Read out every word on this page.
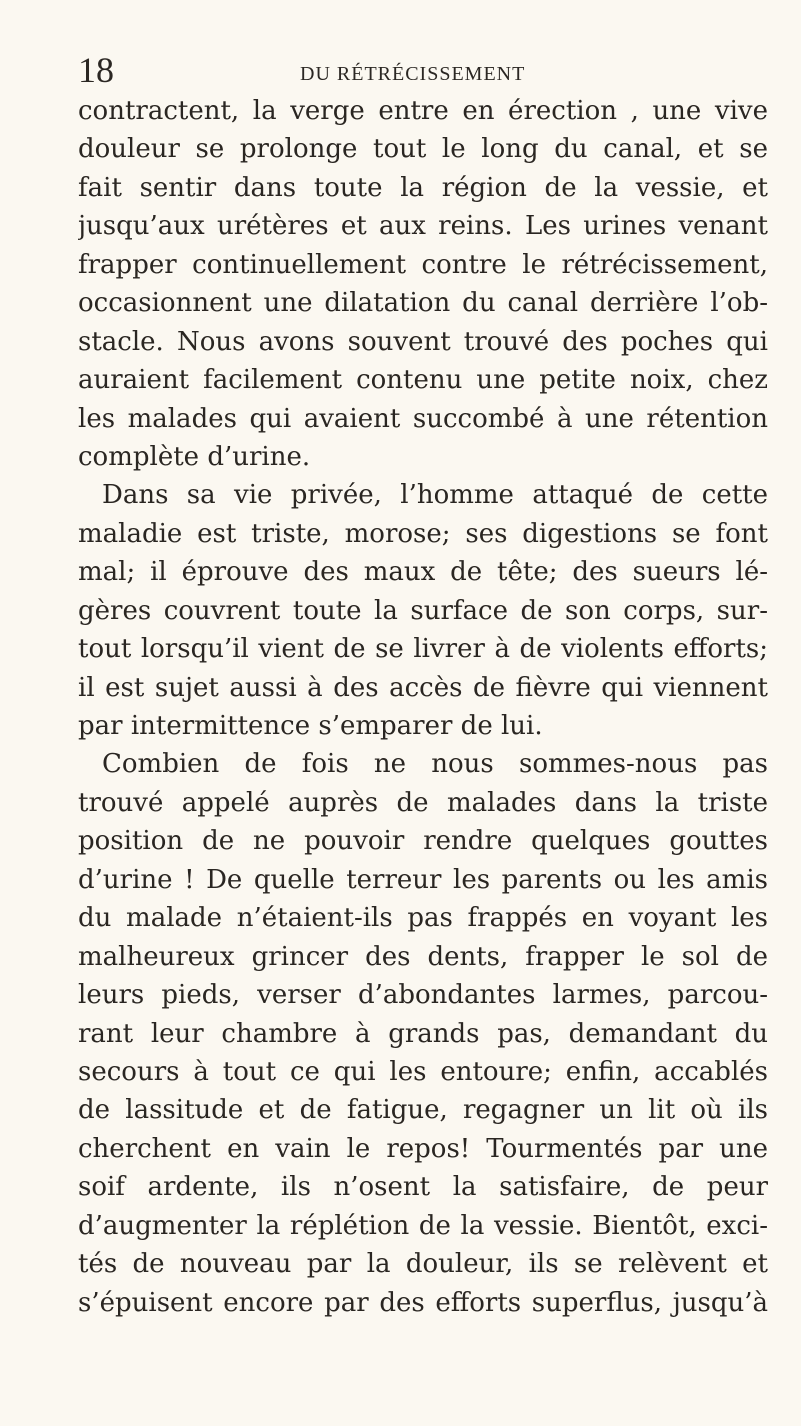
18	DU RÉTRÉCISSEMENT
contractent, la verge entre en érection , une vive
douleur se prolonge tout le long du canal, et se
fait sentir dans toute la région de la vessie, et
jusqu’aux urétères et aux reins. Les urines venant
frapper continuellement contre le rétrécissement,
occasionnent une dilatation du canal derrière l’ob-
stacle. Nous avons souvent trouvé des poches qui
auraient facilement contenu une petite noix, chez
les malades qui avaient succombé à une rétention
complète d’urine.
Dans sa vie privée, l’homme attaqué de cette
maladie est triste, morose; ses digestions se font
mal; il éprouve des maux de tête; des sueurs lé-
gères couvrent toute la surface de son corps, sur-
tout lorsqu’il vient de se livrer à de violents efforts;
il est sujet aussi à des accès de fièvre qui viennent
par intermittence s’emparer de lui.
Combien de fois ne nous sommes-nous pas
trouvé appelé auprès de malades dans la triste
position de ne pouvoir rendre quelques gouttes
d’urine ! De quelle terreur les parents ou les amis
du malade n’étaient-ils pas frappés en voyant les
malheureux grincer des dents, frapper le sol de
leurs pieds, verser d’abondantes larmes, parcou-
rant leur chambre à grands pas, demandant du
secours à tout ce qui les entoure; enfin, accablés
de lassitude et de fatigue, regagner un lit où ils
cherchent en vain le repos! Tourmentés par une
soif ardente, ils n’osent la satisfaire, de peur
d’augmenter la réplétion de la vessie. Bientôt, exci-
tés de nouveau par la douleur, ils se relèvent et
s’épuisent encore par des efforts superflus, jusqu’à
